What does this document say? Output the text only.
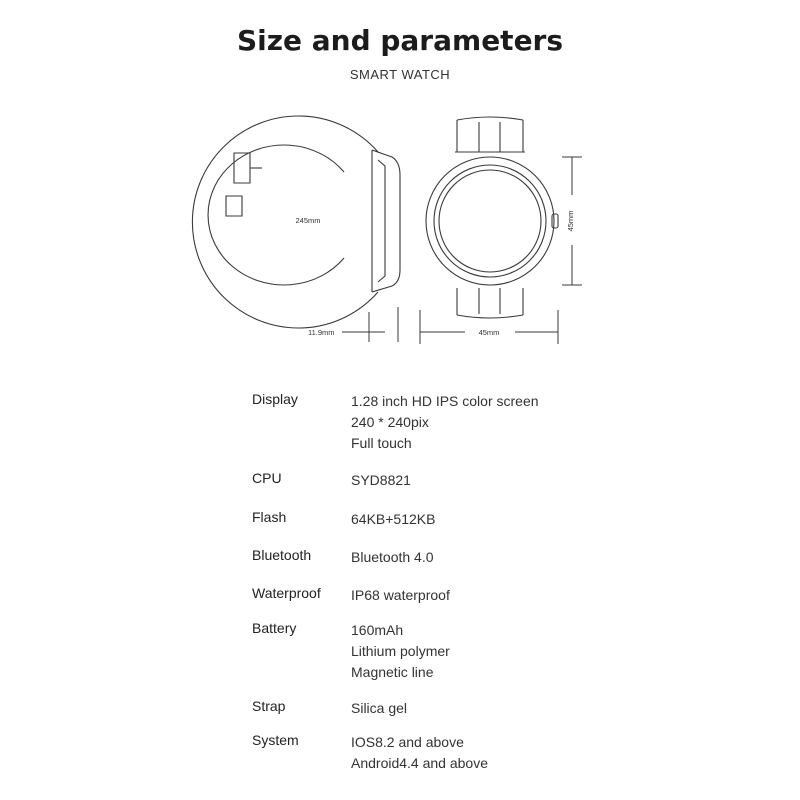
Size and parameters
SMART WATCH
245mm
11.9mm	45mm
45mm
Display	1.28 inch HD IPS color screen
240 * 240pix
Full touch
CPU	SYD8821
Flash	64KB+512KB
Bluetooth	Bluetooth 4.0
Waterproof IP68 waterproof
Battery	160mAh
Lithium polymer
Magnetic line
Strap	Silica gel
System	IOS8.2 and above
Android4.4 and above
